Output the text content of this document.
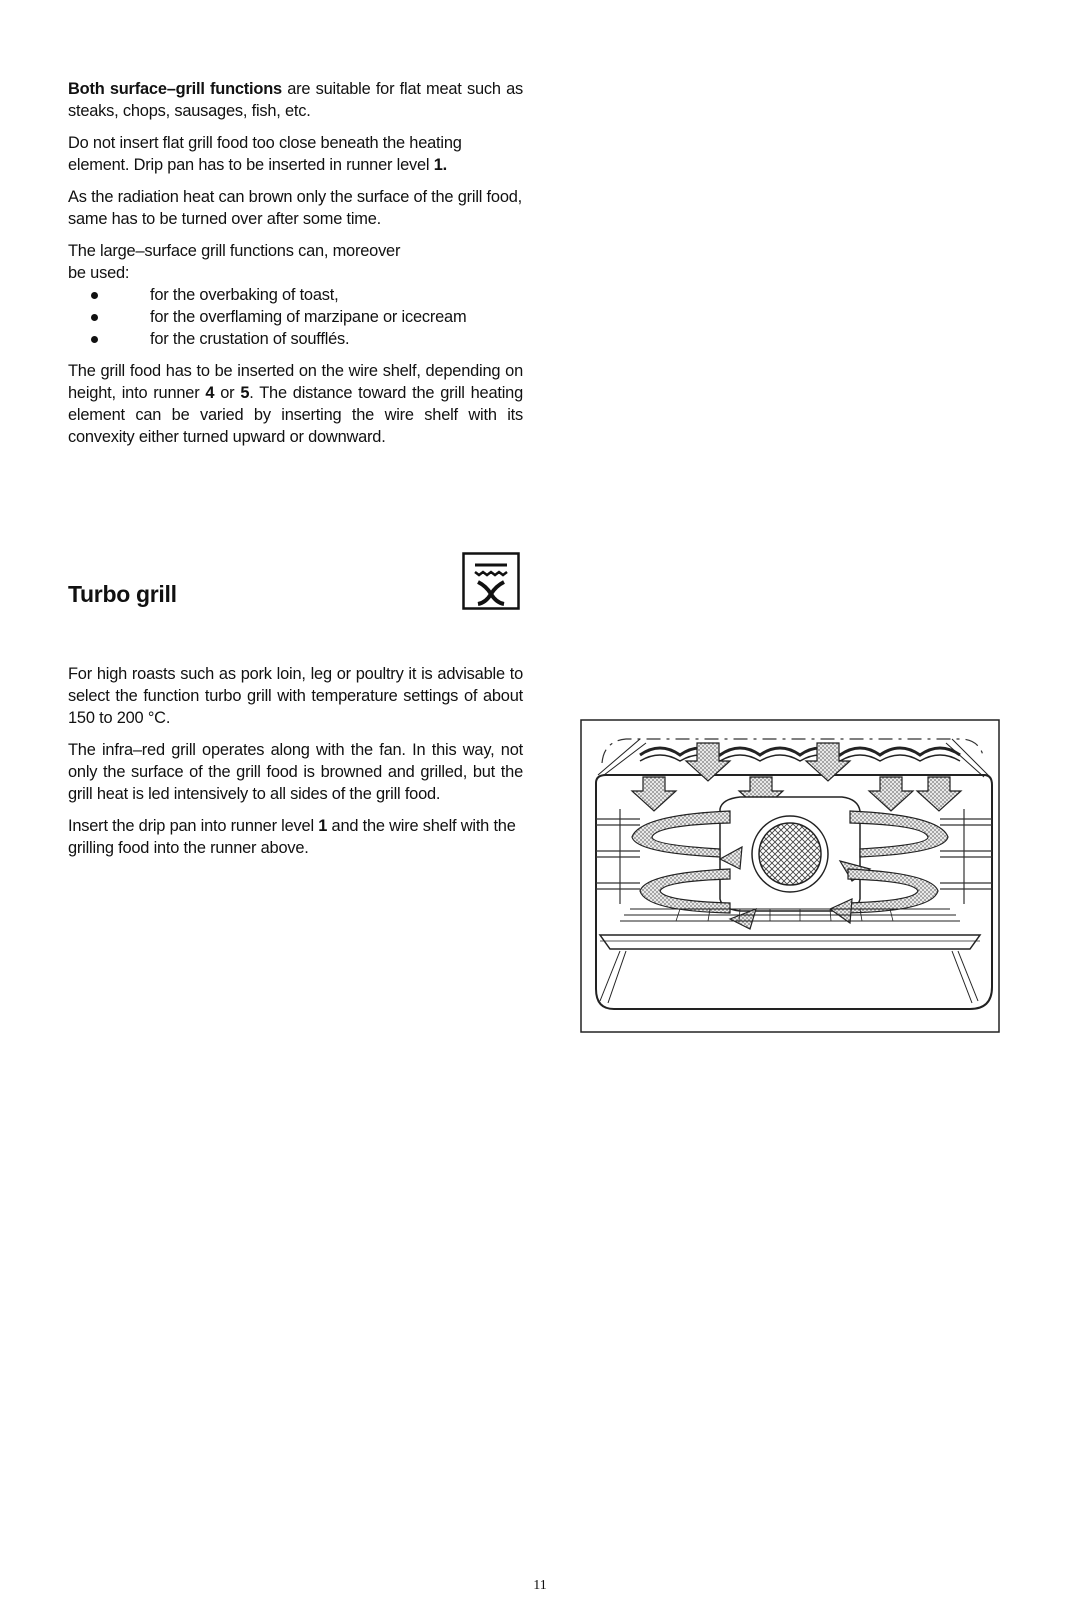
Both surface–grill functions are suitable for flat meat such as steaks, chops, sausages, fish, etc.

Do not insert flat grill food too close beneath the heating element. Drip pan has to be inserted in runner level 1.

As the radiation heat can brown only the surface of the grill food, same has to be turned over after some time.

The large–surface grill functions can, moreover
be used:
for the overbaking of toast,
for the overflaming of marzipane or icecream
for the crustation of soufflés.

The grill food has to be inserted on the wire shelf, depending on height, into runner 4 or 5. The distance toward the grill heating element can be varied by inserting the wire shelf with its convexity either turned upward or downward.

Turbo grill

For high roasts such as pork loin, leg or poultry it is advisable to select the function turbo grill with temperature settings of about 150 to 200 °C.

The infra–red grill operates along with the fan. In this way, not only the surface of the grill food is browned and grilled, but the grill heat is led intensively to all sides of the grill food.

Insert the drip pan into runner level 1 and the wire shelf with the grilling food into the runner above.

11
